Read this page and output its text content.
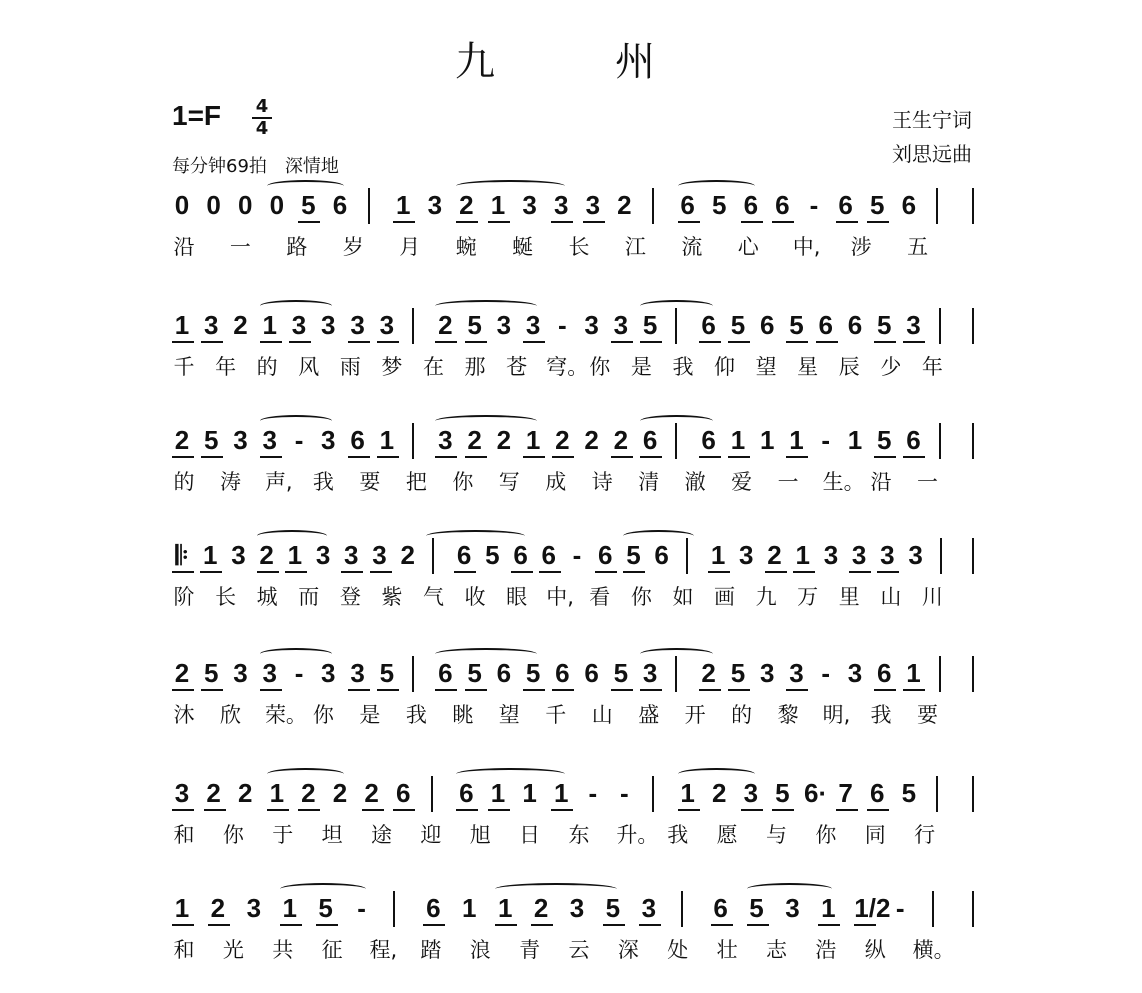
九　州
1=F 4
4
每分钟69拍　深情地
王生宁词
刘思远曲
0 0 0 0 5 6 1 3 2 1 3 3 3 2 6 5 6 6 - 6 5 6
沿 一 路 岁 月 蜿 蜒 长 江 流 心 中, 涉 五
1 3 2 1 3 3 3 3 2 5 3 3 - 3 3 5 6 5 6 5 6 6 5 3
千 年 的 风 雨 梦 在 那 苍 穹。 你 是 我 仰 望 星 辰 少 年
2 5 3 3 - 3 6 1 3 2 2 1 2 2 2 6 6 1 1 1 - 1 5 6
的 涛 声, 我 要 把 你 写 成 诗 清 澈 爱 一 生。 沿 一
𝄆 1 3 2 1 3 3 3 2 6 5 6 6 - 6 5 6 1 3 2 1 3 3 3 3
阶 长 城 而 登 紫 气 收 眼 中, 看 你 如 画 九 万 里 山 川
2 5 3 3 - 3 3 5 6 5 6 5 6 6 5 3 2 5 3 3 - 3 6 1
沐 欣 荣。 你 是 我 眺 望 千 山 盛 开 的 黎 明, 我 要
3 2 2 1 2 2 2 6 6 1 1 1 - - 1 2 3 5 6· 7 6 5
和 你 于 坦 途 迎 旭 日 东 升。 我 愿 与 你 同 行
1 2 3 1 5 - 6 1 1 2 3 5 3 6 5 3 1 1/2 -
和 光 共 征 程, 踏 浪 青 云 深 处 壮 志 浩 纵 横。
